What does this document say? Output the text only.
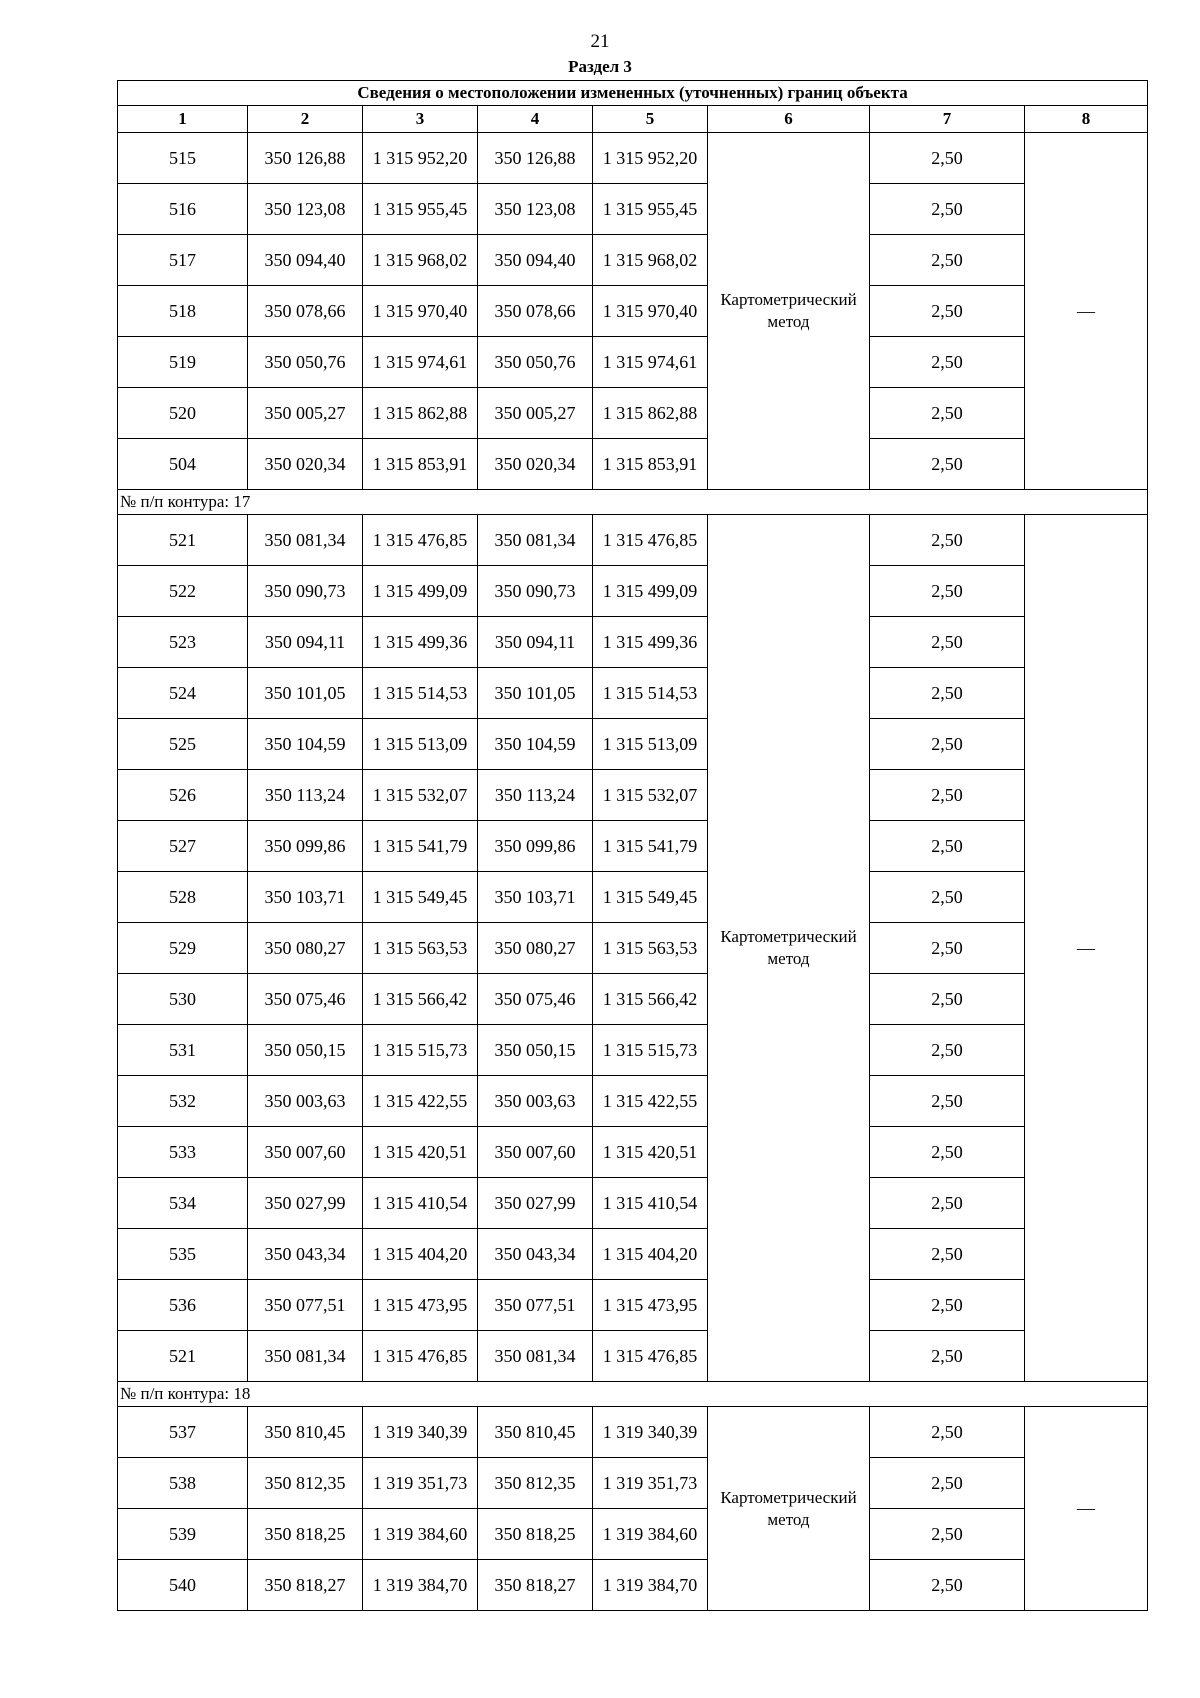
21
Раздел 3
Сведения о местоположении измененных (уточненных) границ объекта							
1	2	3	4	5	6	7	8
515	350 126,88	1 315 952,20	350 126,88	1 315 952,20	Картометрический метод	2,50	—
516	350 123,08	1 315 955,45	350 123,08	1 315 955,45		2,50	
517	350 094,40	1 315 968,02	350 094,40	1 315 968,02		2,50	
518	350 078,66	1 315 970,40	350 078,66	1 315 970,40		2,50	
519	350 050,76	1 315 974,61	350 050,76	1 315 974,61		2,50	
520	350 005,27	1 315 862,88	350 005,27	1 315 862,88		2,50	
504	350 020,34	1 315 853,91	350 020,34	1 315 853,91		2,50	
№ п/п контура: 17							
521	350 081,34	1 315 476,85	350 081,34	1 315 476,85	Картометрический метод	2,50	—
522	350 090,73	1 315 499,09	350 090,73	1 315 499,09		2,50	
523	350 094,11	1 315 499,36	350 094,11	1 315 499,36		2,50	
524	350 101,05	1 315 514,53	350 101,05	1 315 514,53		2,50	
525	350 104,59	1 315 513,09	350 104,59	1 315 513,09		2,50	
526	350 113,24	1 315 532,07	350 113,24	1 315 532,07		2,50	
527	350 099,86	1 315 541,79	350 099,86	1 315 541,79		2,50	
528	350 103,71	1 315 549,45	350 103,71	1 315 549,45		2,50	
529	350 080,27	1 315 563,53	350 080,27	1 315 563,53		2,50	
530	350 075,46	1 315 566,42	350 075,46	1 315 566,42		2,50	
531	350 050,15	1 315 515,73	350 050,15	1 315 515,73		2,50	
532	350 003,63	1 315 422,55	350 003,63	1 315 422,55		2,50	
533	350 007,60	1 315 420,51	350 007,60	1 315 420,51		2,50	
534	350 027,99	1 315 410,54	350 027,99	1 315 410,54		2,50	
535	350 043,34	1 315 404,20	350 043,34	1 315 404,20		2,50	
536	350 077,51	1 315 473,95	350 077,51	1 315 473,95		2,50	
521	350 081,34	1 315 476,85	350 081,34	1 315 476,85		2,50	
№ п/п контура: 18							
537	350 810,45	1 319 340,39	350 810,45	1 319 340,39	Картометрический метод	2,50	—
538	350 812,35	1 319 351,73	350 812,35	1 319 351,73		2,50	
539	350 818,25	1 319 384,60	350 818,25	1 319 384,60		2,50	
540	350 818,27	1 319 384,70	350 818,27	1 319 384,70		2,50	
